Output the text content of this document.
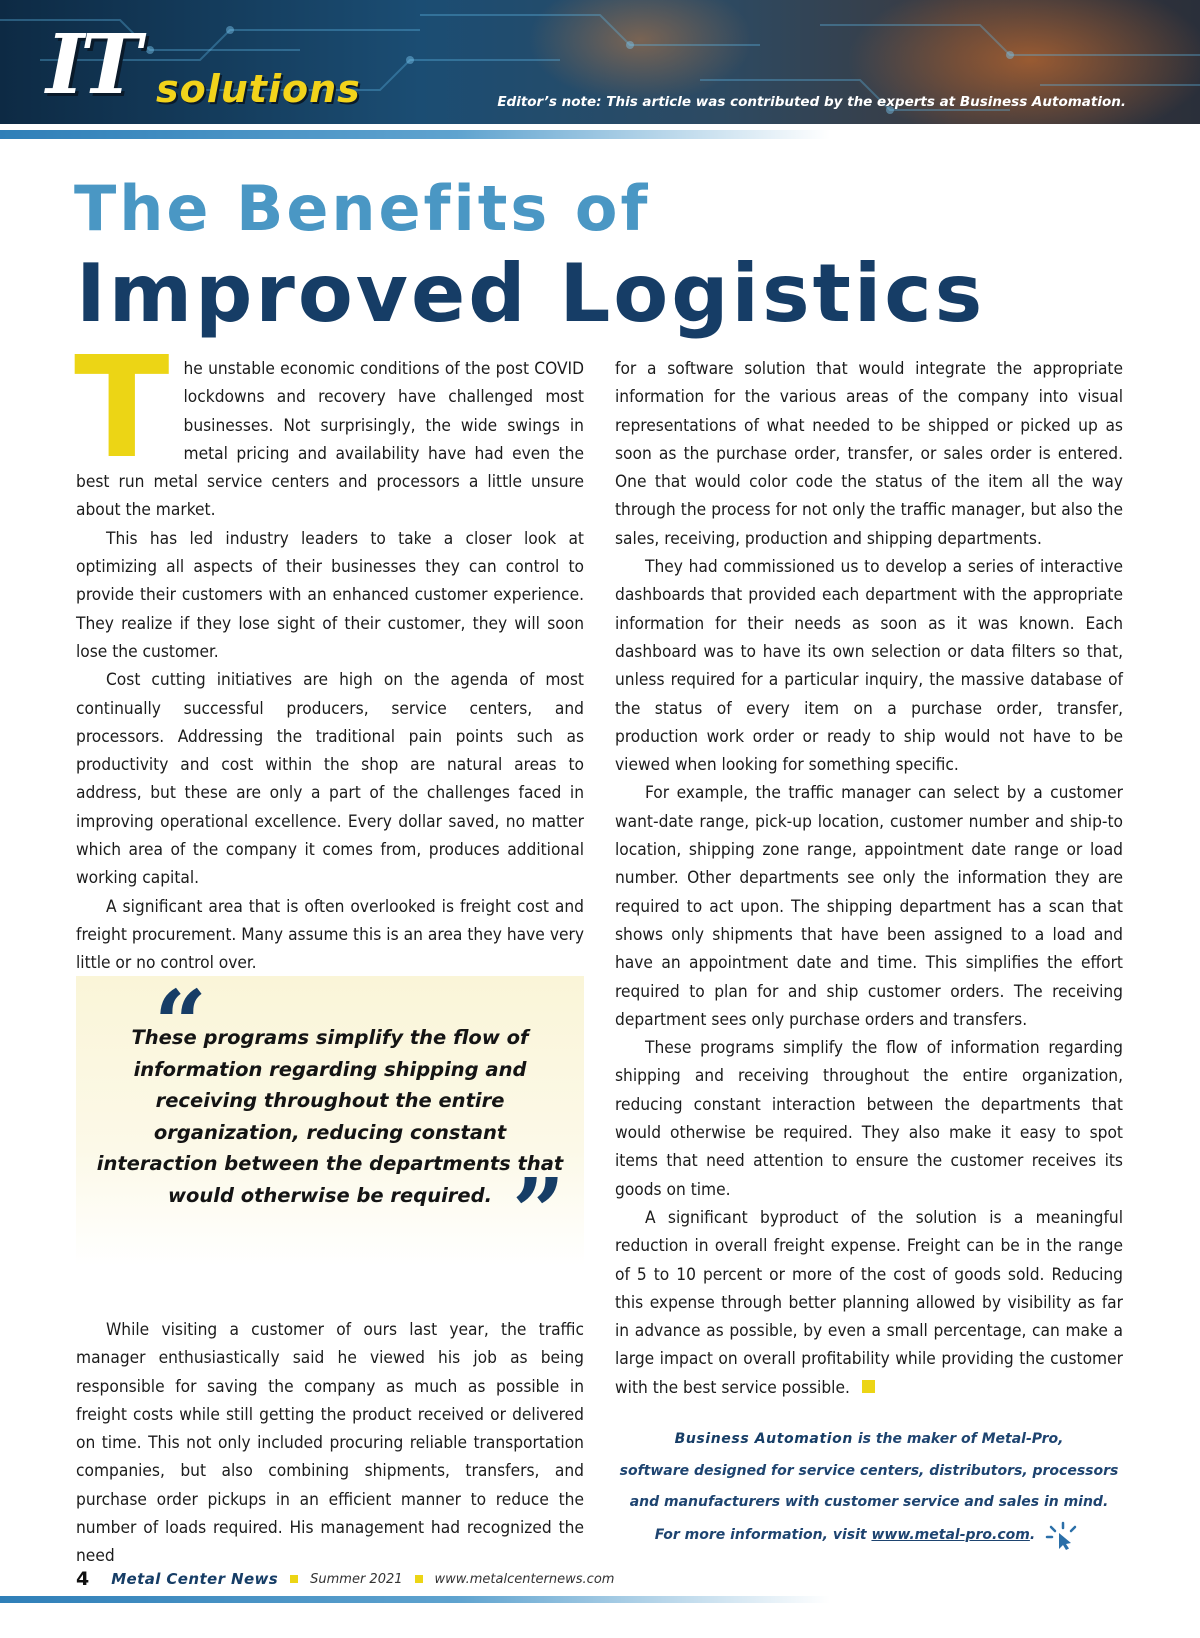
IT solutions	Editor’s note: This article was contributed by the experts at Business Automation.
The Benefits of
Improved Logistics

The unstable economic conditions of the post COVID lockdowns and recovery have challenged most businesses. Not surprisingly, the wide swings in metal pricing and availability have had even the best run metal service centers and processors a little unsure about the market.

This has led industry leaders to take a closer look at optimizing all aspects of their businesses they can control to provide their customers with an enhanced customer experience. They realize if they lose sight of their customer, they will soon lose the customer.

Cost cutting initiatives are high on the agenda of most continually successful producers, service centers, and processors. Addressing the traditional pain points such as productivity and cost within the shop are natural areas to address, but these are only a part of the challenges faced in improving operational excellence. Every dollar saved, no matter which area of the company it comes from, produces additional working capital.

A significant area that is often overlooked is freight cost and freight procurement. Many assume this is an area they have very little or no control over.

“
These programs simplify the flow of information regarding shipping and receiving throughout the entire organization, reducing constant interaction between the departments that would otherwise be required. ”

While visiting a customer of ours last year, the traffic manager enthusiastically said he viewed his job as being responsible for saving the company as much as possible in freight costs while still getting the product received or delivered on time. This not only included procuring reliable transportation companies, but also combining shipments, transfers, and purchase order pickups in an efficient manner to reduce the number of loads required. His management had recognized the need

for a software solution that would integrate the appropriate information for the various areas of the company into visual representations of what needed to be shipped or picked up as soon as the purchase order, transfer, or sales order is entered. One that would color code the status of the item all the way through the process for not only the traffic manager, but also the sales, receiving, production and shipping departments.

They had commissioned us to develop a series of interactive dashboards that provided each department with the appropriate information for their needs as soon as it was known. Each dashboard was to have its own selection or data filters so that, unless required for a particular inquiry, the massive database of the status of every item on a purchase order, transfer, production work order or ready to ship would not have to be viewed when looking for something specific.

For example, the traffic manager can select by a customer want-date range, pick-up location, customer number and ship-to location, shipping zone range, appointment date range or load number. Other departments see only the information they are required to act upon. The shipping department has a scan that shows only shipments that have been assigned to a load and have an appointment date and time. This simplifies the effort required to plan for and ship customer orders. The receiving department sees only purchase orders and transfers.

These programs simplify the flow of information regarding shipping and receiving throughout the entire organization, reducing constant interaction between the departments that would otherwise be required. They also make it easy to spot items that need attention to ensure the customer receives its goods on time.

A significant byproduct of the solution is a meaningful reduction in overall freight expense. Freight can be in the range of 5 to 10 percent or more of the cost of goods sold. Reducing this expense through better planning allowed by visibility as far in advance as possible, by even a small percentage, can make a large impact on overall profitability while providing the customer with the best service possible.

Business Automation is the maker of Metal-Pro,
software designed for service centers, distributors, processors
and manufacturers with customer service and sales in mind.
For more information, visit www.metal-pro.com.
4 Metal Center News Summer 2021 www.metalcenternews.com
